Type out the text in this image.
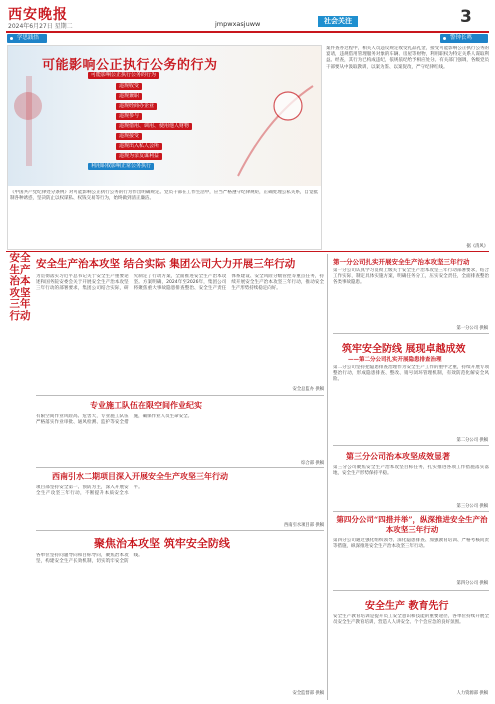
西安晚报
2024年6月27日 星期二	jmpwxasjuww	社会关注	3
学思践悟	警钟长鸣
可能影响公正执行公务的行为
违规收受
违规兼职
违规经商办企业
违规参与
违规借用、调用、使用他人财物
违规接受
违规出入私人会所
违规为亲友谋利益
利用职权影响正常公务执行
可能影响公正执行公务的行为
《中国共产党纪律处分条例》对可能影响公正执行公务的行为作出明确规定。党员干部在工作生活中，应当严格遵守纪律规矩，正确处理公私关系，自觉抵制各种诱惑，坚决防止以权谋私、权钱交易等行为，始终做到清正廉洁。
案件查办过程中，相关人员违反规定收受礼品礼金，接受可能影响公正执行公务的宴请，违规借用管理服务对象的车辆、房屋等财物，利用职权为特定关系人谋取利益。经查，其行为已构成违纪，依规依纪给予相应处分。有关部门强调，各级党员干部要从中汲取教训，以案为鉴、以案促改，严守纪律红线。
据《清风》
安全生产治本攻坚三年行动
安全生产治本攻坚 结合实际 集团公司大力开展三年行动
为贯彻落实习近平总书记关于安全生产重要论述和国务院安委会关于开展安全生产治本攻坚三年行动的部署要求，集团公司结合实际，研究制定了行动方案，全面推进安全生产治本攻坚。方案明确，2024年至2026年，集团公司将聚焦重大事故隐患排查整治、安全生产责任体系建设、安全风险分级管控等重点任务，持续开展安全生产治本攻坚三年行动，推动安全生产形势持续稳定向好。
安全总监办 供稿
专业施工队伍在限空间作业纪实
有限空间作业风险高、危害大，专业施工队伍严格落实作业审批、通风检测、监护等安全措施，确保作业人员生命安全。
综合部 供稿
西南引水二期项目深入开展安全生产攻坚三年行动
项目部坚持安全第一、预防为主，深入开展安全生产攻坚三年行动，不断提升本质安全水平。
西南引水项目部 供稿
聚焦治本攻坚 筑牢安全防线
各单位坚持问题导向和目标导向，聚焦治本攻坚，构建安全生产长效机制，切实筑牢安全防线。
安全监督部 供稿
第一分公司扎实开展安全生产治本攻坚三年行动
第一分公司认真学习贯彻上级关于安全生产治本攻坚三年行动部署要求，结合工作实际，制定具体实施方案，明确任务分工，压实安全责任，全面排查整治各类事故隐患。
第一分公司 供稿
筑牢安全防线 展现卓越成效
——第二分公司扎实开展隐患排查治理
第二分公司坚持把隐患排查治理作为安全生产工作的重中之重，持续开展专项整治行动，形成隐患排查、整改、销号闭环管理机制，有效防范化解安全风险。
第二分公司 供稿
第三分公司治本攻坚成效显著
第三分公司聚焦安全生产治本攻坚目标任务，扎实推进各项工作措施落实落地，安全生产形势保持平稳。
第三分公司 供稿
第四分公司“四措并举”，纵深推进安全生产治本攻坚三年行动
第四分公司通过强化组织领导、深化隐患排查、加强教育培训、严格考核问责等措施，纵深推进安全生产治本攻坚三年行动。
第四分公司 供稿
安全生产 教育先行
安全生产教育培训是提升员工安全意识和技能的重要途径，各单位持续开展全员安全生产教育培训，营造人人讲安全、个个会应急的良好氛围。
人力资源部 供稿
